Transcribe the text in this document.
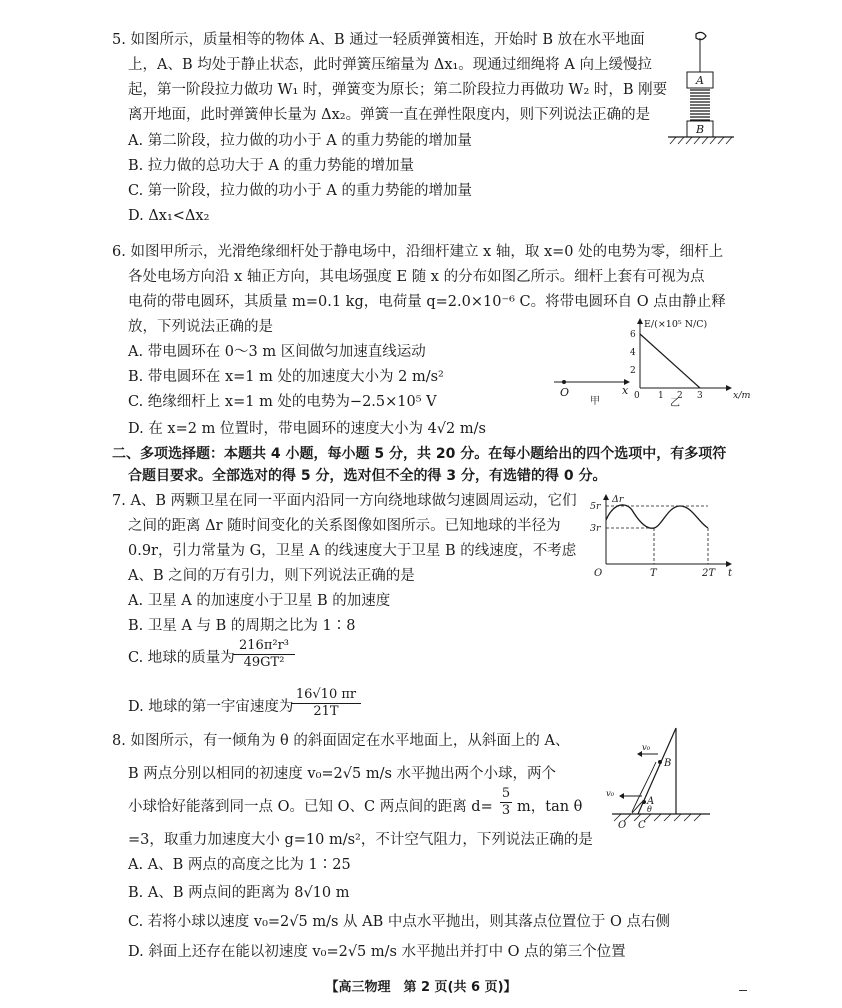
5. 如图所示，质量相等的物体 A、B 通过一轻质弹簧相连，开始时 B 放在水平地面
上，A、B 均处于静止状态，此时弹簧压缩量为 Δx₁。现通过细绳将 A 向上缓慢拉
起，第一阶段拉力做功 W₁ 时，弹簧变为原长；第二阶段拉力再做功 W₂ 时，B 刚要
离开地面，此时弹簧伸长量为 Δx₂。弹簧一直在弹性限度内，则下列说法正确的是
A. 第二阶段，拉力做的功小于 A 的重力势能的增加量
B. 拉力做的总功大于 A 的重力势能的增加量
C. 第一阶段，拉力做的功小于 A 的重力势能的增加量
D. Δx₁<Δx₂
A
B
6. 如图甲所示，光滑绝缘细杆处于静电场中，沿细杆建立 x 轴，取 x=0 处的电势为零，细杆上
各处电场方向沿 x 轴正方向，其电场强度 E 随 x 的分布如图乙所示。细杆上套有可视为点
电荷的带电圆环，其质量 m=0.1 kg，电荷量 q=2.0×10⁻⁶ C。将带电圆环自 O 点由静止释
放，下列说法正确的是
A. 带电圆环在 0～3 m 区间做匀加速直线运动
B. 带电圆环在 x=1 m 处的加速度大小为 2 m/s²
C. 绝缘细杆上 x=1 m 处的电势为−2.5×10⁵ V
D. 在 x=2 m 位置时，带电圆环的速度大小为 4√2 m/s
O	x
甲
E/(×10⁵ N/C)
6
4
2
0 1 2 3	x/m
乙
二、多项选择题：本题共 4 小题，每小题 5 分，共 20 分。在每小题给出的四个选项中，有多项符
合题目要求。全部选对的得 5 分，选对但不全的得 3 分，有选错的得 0 分。
7. A、B 两颗卫星在同一平面内沿同一方向绕地球做匀速圆周运动，它们
之间的距离 Δr 随时间变化的关系图像如图所示。已知地球的半径为
0.9r，引力常量为 G，卫星 A 的线速度大于卫星 B 的线速度，不考虑
A、B 之间的万有引力，则下列说法正确的是
A. 卫星 A 的加速度小于卫星 B 的加速度
B. 卫星 A 与 B 的周期之比为 1∶8
C. 地球的质量为
$\frac{\text{216π²r³}}{\text{49GT²}}$
D. 地球的第一宇宙速度为
$\frac{16√10 \pi r}{21T}$
5r
3r
Δr
O	T	2T t
8. 如图所示，有一倾角为 θ 的斜面固定在水平地面上，从斜面上的 A、
B 两点分别以相同的初速度 v₀=2√5 m/s 水平抛出两个小球，两个
小球恰好能落到同一点 O。已知 O、C 两点间的距离 $d= \frac{5}{3}$ m，tan θ
=3，取重力加速度大小 g=10 m/s²，不计空气阻力，下列说法正确的是
A. A、B 两点的高度之比为 1∶25
B. A、B 两点间的距离为 8√10 m
C. 若将小球以速度 v₀=2√5 m/s 从 AB 中点水平抛出，则其落点位置位于 O 点右侧
D. 斜面上还存在能以初速度 v₀=2√5 m/s 水平抛出并打中 O 点的第三个位置
v₀
v₀
B
A
θ
O C
【高三物理　第 2 页(共 6 页)】
